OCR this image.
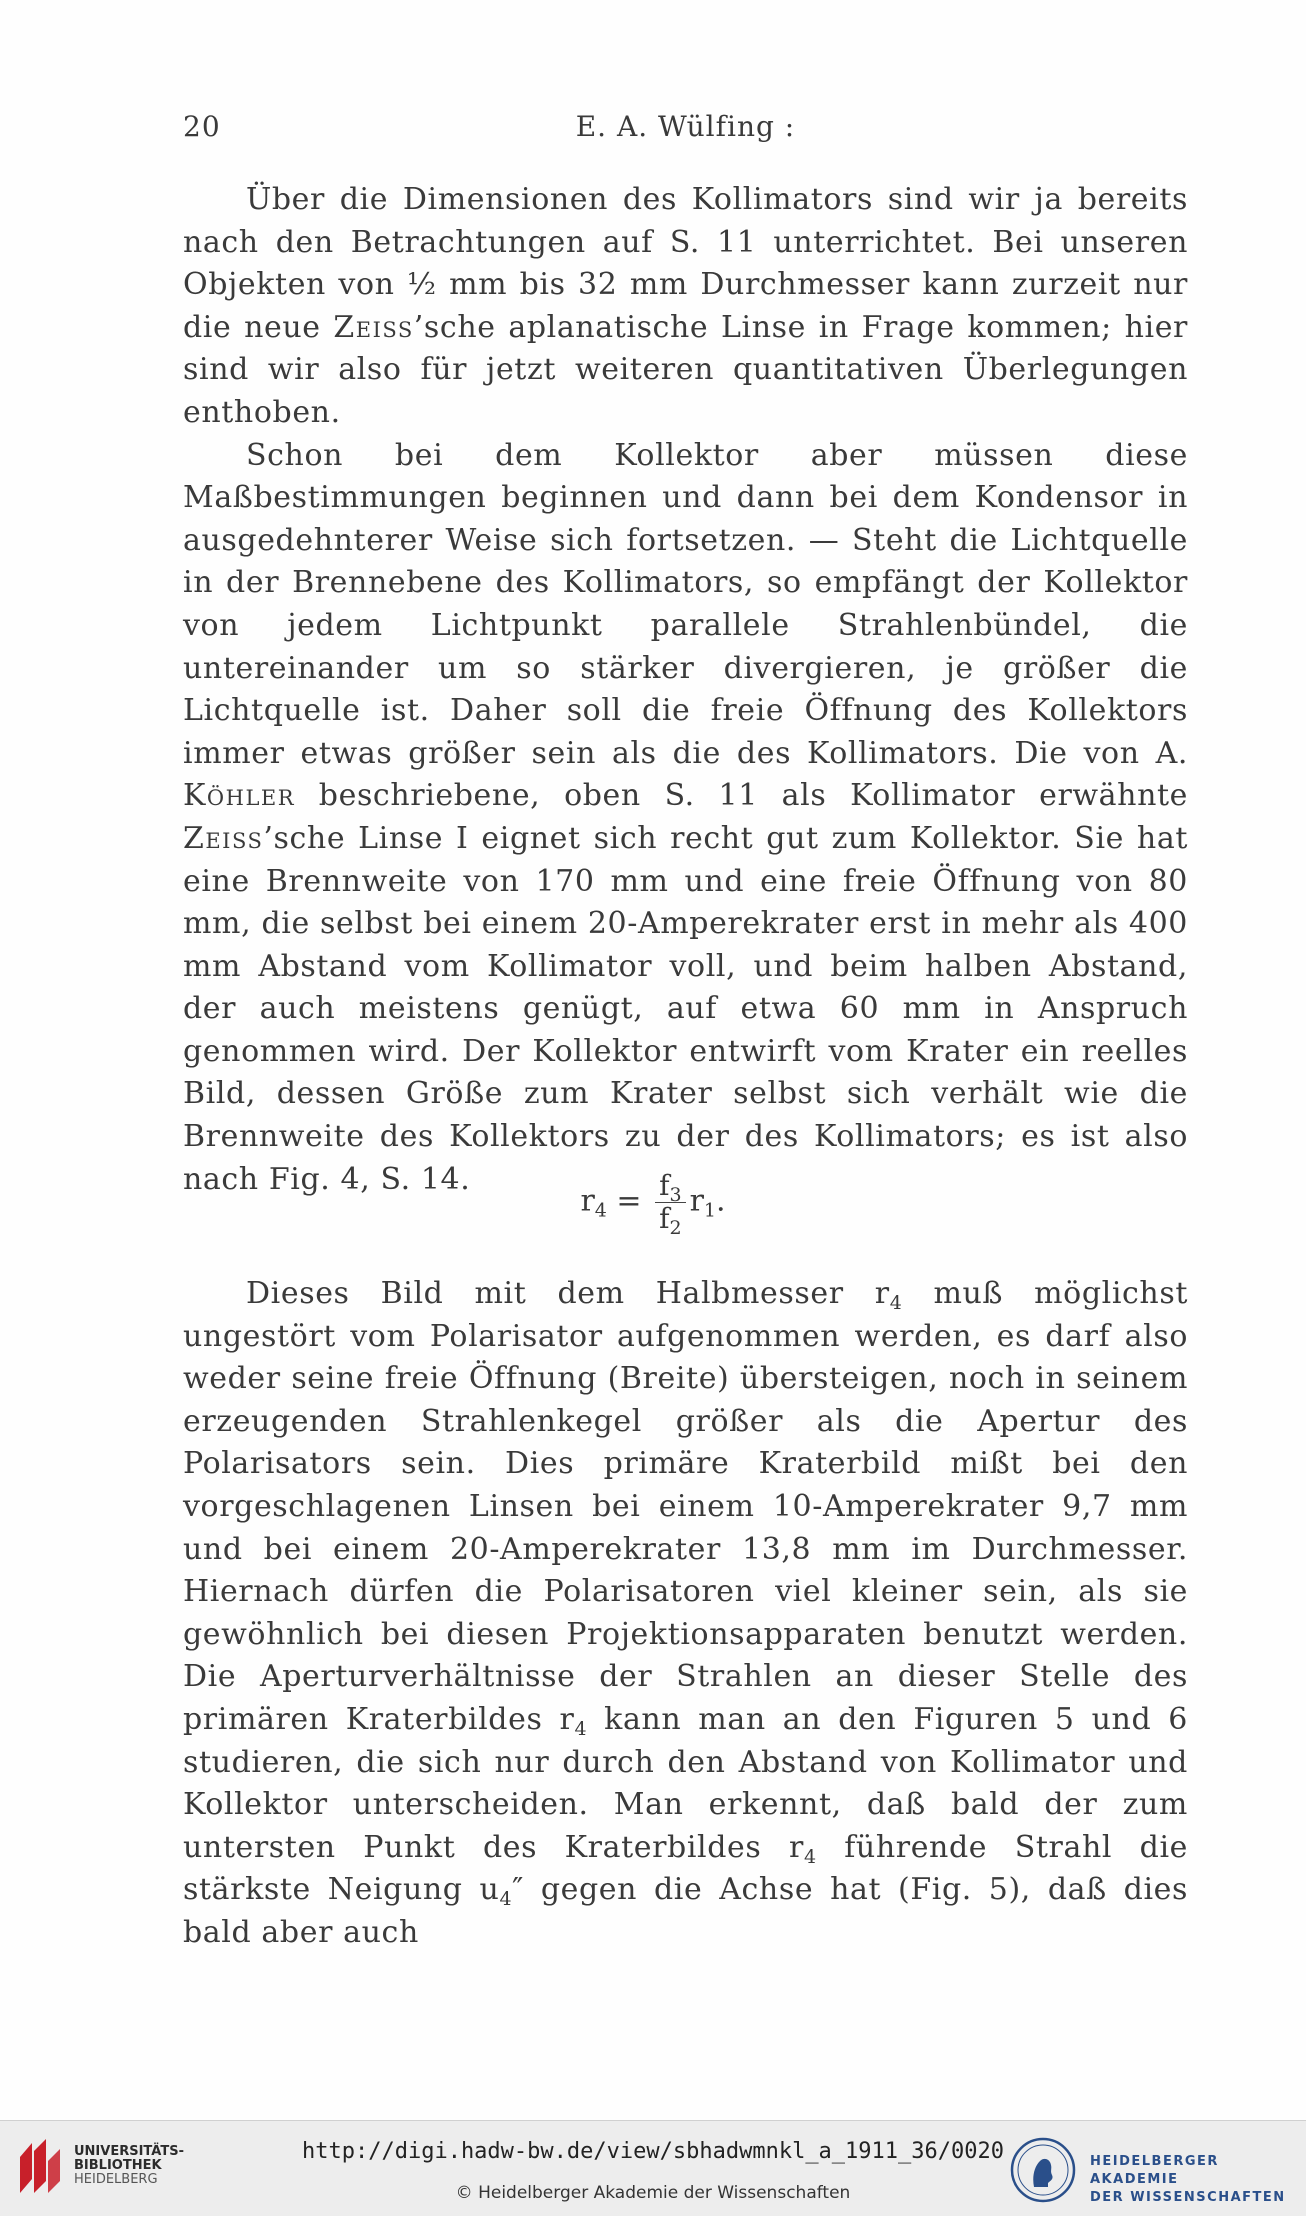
20	E. A. Wülfing :

Über die Dimensionen des Kollimators sind wir ja bereits nach den Betrachtungen auf S. 11 unterrichtet. Bei unseren Objekten von ½ mm bis 32 mm Durchmesser kann zurzeit nur die neue Zeiss’sche aplanatische Linse in Frage kommen; hier sind wir also für jetzt weiteren quantitativen Überlegungen enthoben.

Schon bei dem Kollektor aber müssen diese Maßbestimmungen beginnen und dann bei dem Kondensor in ausgedehnterer Weise sich fortsetzen. — Steht die Lichtquelle in der Brennebene des Kollimators, so empfängt der Kollektor von jedem Lichtpunkt parallele Strahlenbündel, die untereinander um so stärker divergieren, je größer die Lichtquelle ist. Daher soll die freie Öffnung des Kollektors immer etwas größer sein als die des Kollimators. Die von A. Köhler beschriebene, oben S. 11 als Kollimator erwähnte Zeiss’sche Linse I eignet sich recht gut zum Kollektor. Sie hat eine Brennweite von 170 mm und eine freie Öffnung von 80 mm, die selbst bei einem 20-Amperekrater erst in mehr als 400 mm Abstand vom Kollimator voll, und beim halben Abstand, der auch meistens genügt, auf etwa 60 mm in Anspruch genommen wird. Der Kollektor entwirft vom Krater ein reelles Bild, dessen Größe zum Krater selbst sich verhält wie die Brennweite des Kollektors zu der des Kollimators; es ist also nach Fig. 4, S. 14.

$r_4 = \frac{f_3}{f_2} r_1$.

Dieses Bild mit dem Halbmesser $r_4$ muß möglichst ungestört vom Polarisator aufgenommen werden, es darf also weder seine freie Öffnung (Breite) übersteigen, noch in seinem erzeugenden Strahlenkegel größer als die Apertur des Polarisators sein. Dies primäre Kraterbild mißt bei den vorgeschlagenen Linsen bei einem 10-Amperekrater 9,7 mm und bei einem 20-Amperekrater 13,8 mm im Durchmesser. Hiernach dürfen die Polarisatoren viel kleiner sein, als sie gewöhnlich bei diesen Projektionsapparaten benutzt werden. Die Aperturverhältnisse der Strahlen an dieser Stelle des primären Kraterbildes $r_4$ kann man an den Figuren 5 und 6 studieren, die sich nur durch den Abstand von Kollimator und Kollektor unterscheiden. Man erkennt, daß bald der zum untersten Punkt des Kraterbildes $r_4$ führende Strahl die stärkste Neigung $u_4''$ gegen die Achse hat (Fig. 5), daß dies bald aber auch

UNIVERSITÄTS-
BIBLIOTHEK
HEIDELBERG
http://digi.hadw-bw.de/view/sbhadwmnkl_a_1911_36/0020
© Heidelberger Akademie der Wissenschaften
HEIDELBERGER AKADEMIE
DER WISSENSCHAFTEN
